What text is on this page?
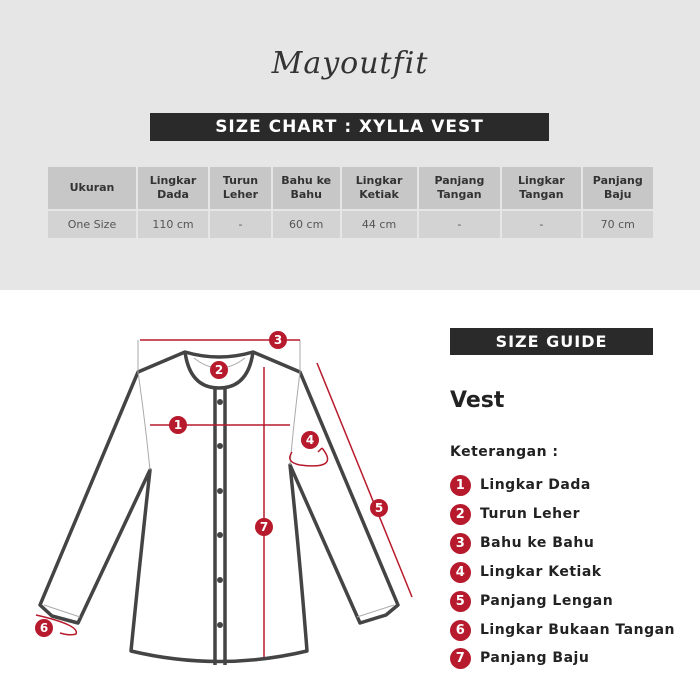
Mayoutfit
SIZE CHART : XYLLA VEST
Ukuran	Lingkar Dada	Turun Leher	Bahu ke Bahu	Lingkar Ketiak	Panjang Tangan	Lingkar Tangan	Panjang Baju
One Size	110 cm	-	60 cm	44 cm	-	-	70 cm
1
2
3
4
5
6
7
SIZE GUIDE
Vest
Keterangan :
1	Lingkar Dada
2	Turun Leher
3	Bahu ke Bahu
4	Lingkar Ketiak
5	Panjang Lengan
6	Lingkar Bukaan Tangan
7	Panjang Baju
